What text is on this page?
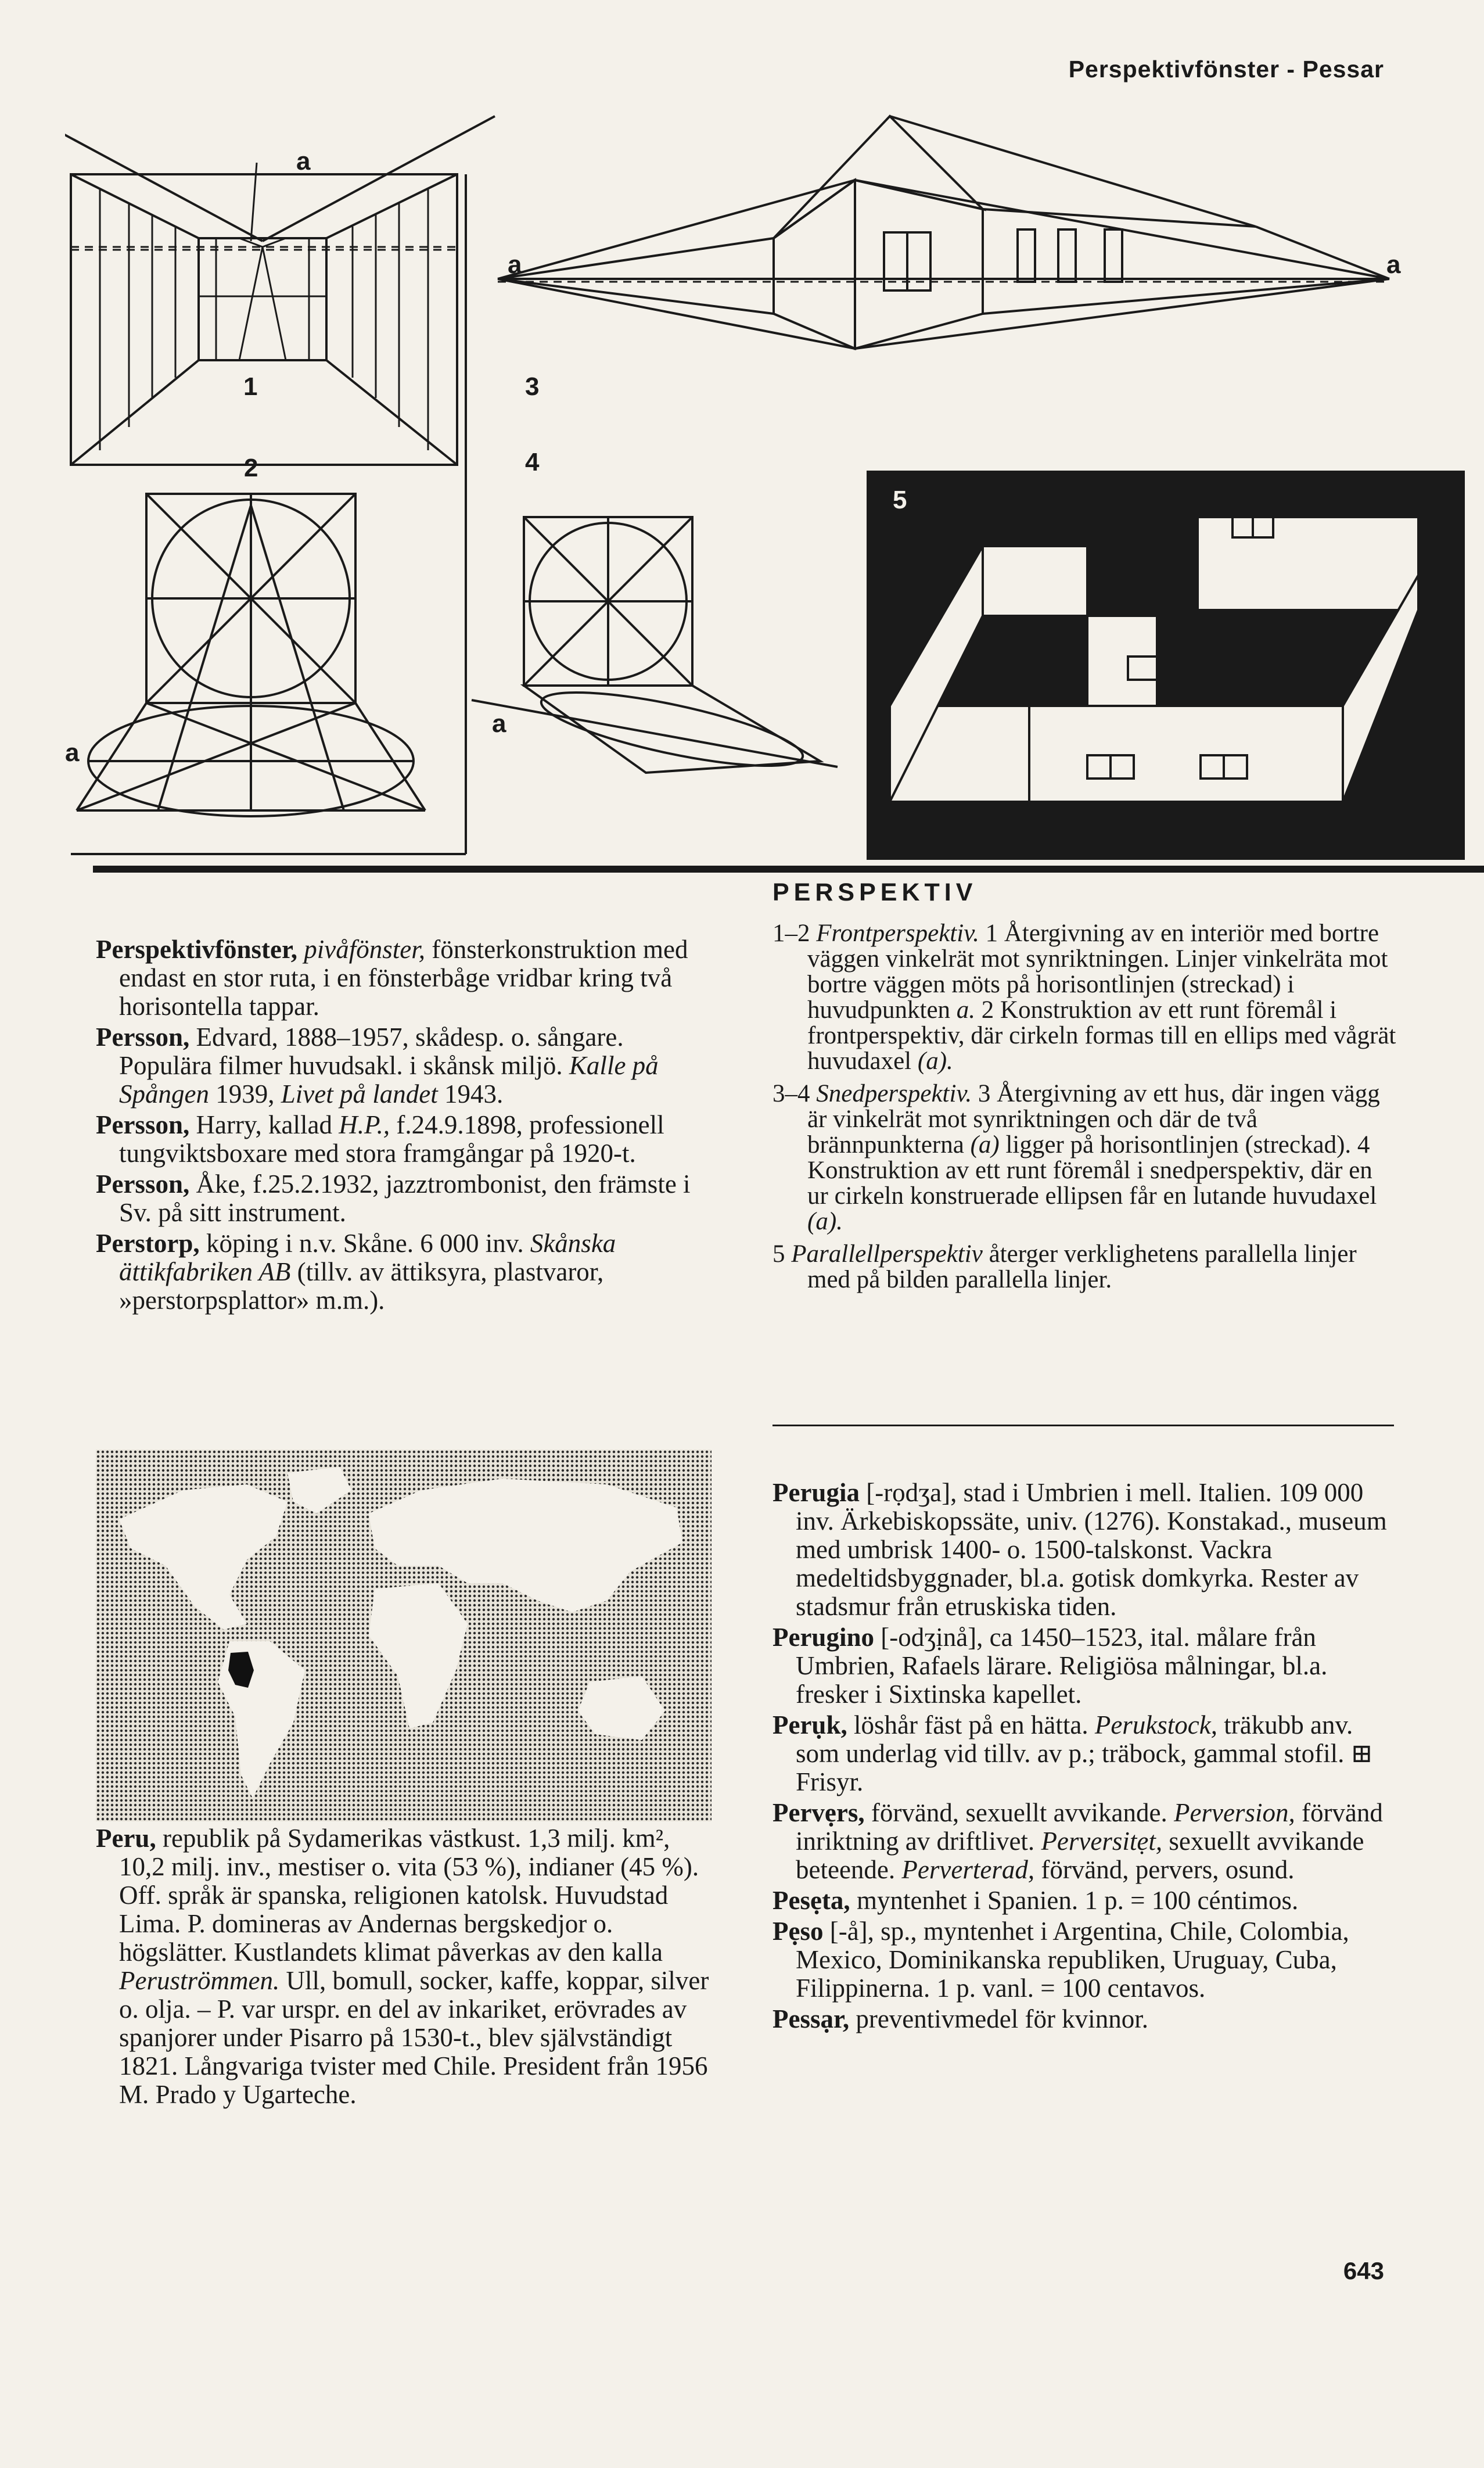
Perspektivfönster - Pessar
a
1
2
a
a	a
3
4
a
5
PERSPEKTIV

1–2 Frontperspektiv. 1 Återgivning av en interiör med bortre väggen vinkelrät mot synriktningen. Linjer vinkelräta mot bortre väggen möts på horisontlinjen (streckad) i huvudpunkten a. 2 Konstruktion av ett runt föremål i frontperspektiv, där cirkeln formas till en ellips med vågrät huvudaxel (a).

3–4 Snedperspektiv. 3 Återgivning av ett hus, där ingen vägg är vinkelrät mot synriktningen och där de två brännpunkterna (a) ligger på horisontlinjen (streckad). 4 Konstruktion av ett runt föremål i snedperspektiv, där en ur cirkeln konstruerade ellipsen får en lutande huvudaxel (a).

5 Parallellperspektiv återger verklighetens parallella linjer med på bilden parallella linjer.

Perspektivfönster, pivåfönster, fönsterkonstruktion med endast en stor ruta, i en fönsterbåge vridbar kring två horisontella tappar.

Persson, Edvard, 1888–1957, skådesp. o. sångare. Populära filmer huvudsakl. i skånsk miljö. Kalle på Spången 1939, Livet på landet 1943.

Persson, Harry, kallad H.P., f.24.9.1898, professionell tungviktsboxare med stora framgångar på 1920-t.

Persson, Åke, f.25.2.1932, jazztrombonist, den främste i Sv. på sitt instrument.

Perstorp, köping i n.v. Skåne. 6 000 inv. Skånska ättikfabriken AB (tillv. av ättiksyra, plastvaror, »perstorpsplattor» m.m.).

Peru, republik på Sydamerikas västkust. 1,3 milj. km², 10,2 milj. inv., mestiser o. vita (53 %), indianer (45 %). Off. språk är spanska, religionen katolsk. Huvudstad Lima. P. domineras av Andernas bergskedjor o. högslätter. Kustlandets klimat påverkas av den kalla Peruströmmen. Ull, bomull, socker, kaffe, koppar, silver o. olja. – P. var urspr. en del av inkariket, erövrades av spanjorer under Pisarro på 1530-t., blev självständigt 1821. Långvariga tvister med Chile. President från 1956 M. Prado y Ugarteche.

Perugia [-rọdʒa], stad i Umbrien i mell. Italien. 109 000 inv. Ärkebiskopssäte, univ. (1276). Konstakad., museum med umbrisk 1400- o. 1500-talskonst. Vackra medeltidsbyggnader, bl.a. gotisk domkyrka. Rester av stadsmur från etruskiska tiden.

Perugino [-odʒịnå], ca 1450–1523, ital. målare från Umbrien, Rafaels lärare. Religiösa målningar, bl.a. fresker i Sixtinska kapellet.

Perụk, löshår fäst på en hätta. Perukstock, träkubb anv. som underlag vid tillv. av p.; träbock, gammal stofil. ⊞ Frisyr.

Pervẹrs, förvänd, sexuellt avvikande. Perversion, förvänd inriktning av driftlivet. Perversitẹt, sexuellt avvikande beteende. Perverterad, förvänd, pervers, osund.

Pesẹta, myntenhet i Spanien. 1 p. = 100 céntimos.

Pẹso [-å], sp., myntenhet i Argentina, Chile, Colombia, Mexico, Dominikanska republiken, Uruguay, Cuba, Filippinerna. 1 p. vanl. = 100 centavos.

Pessạr, preventivmedel för kvinnor.

643
